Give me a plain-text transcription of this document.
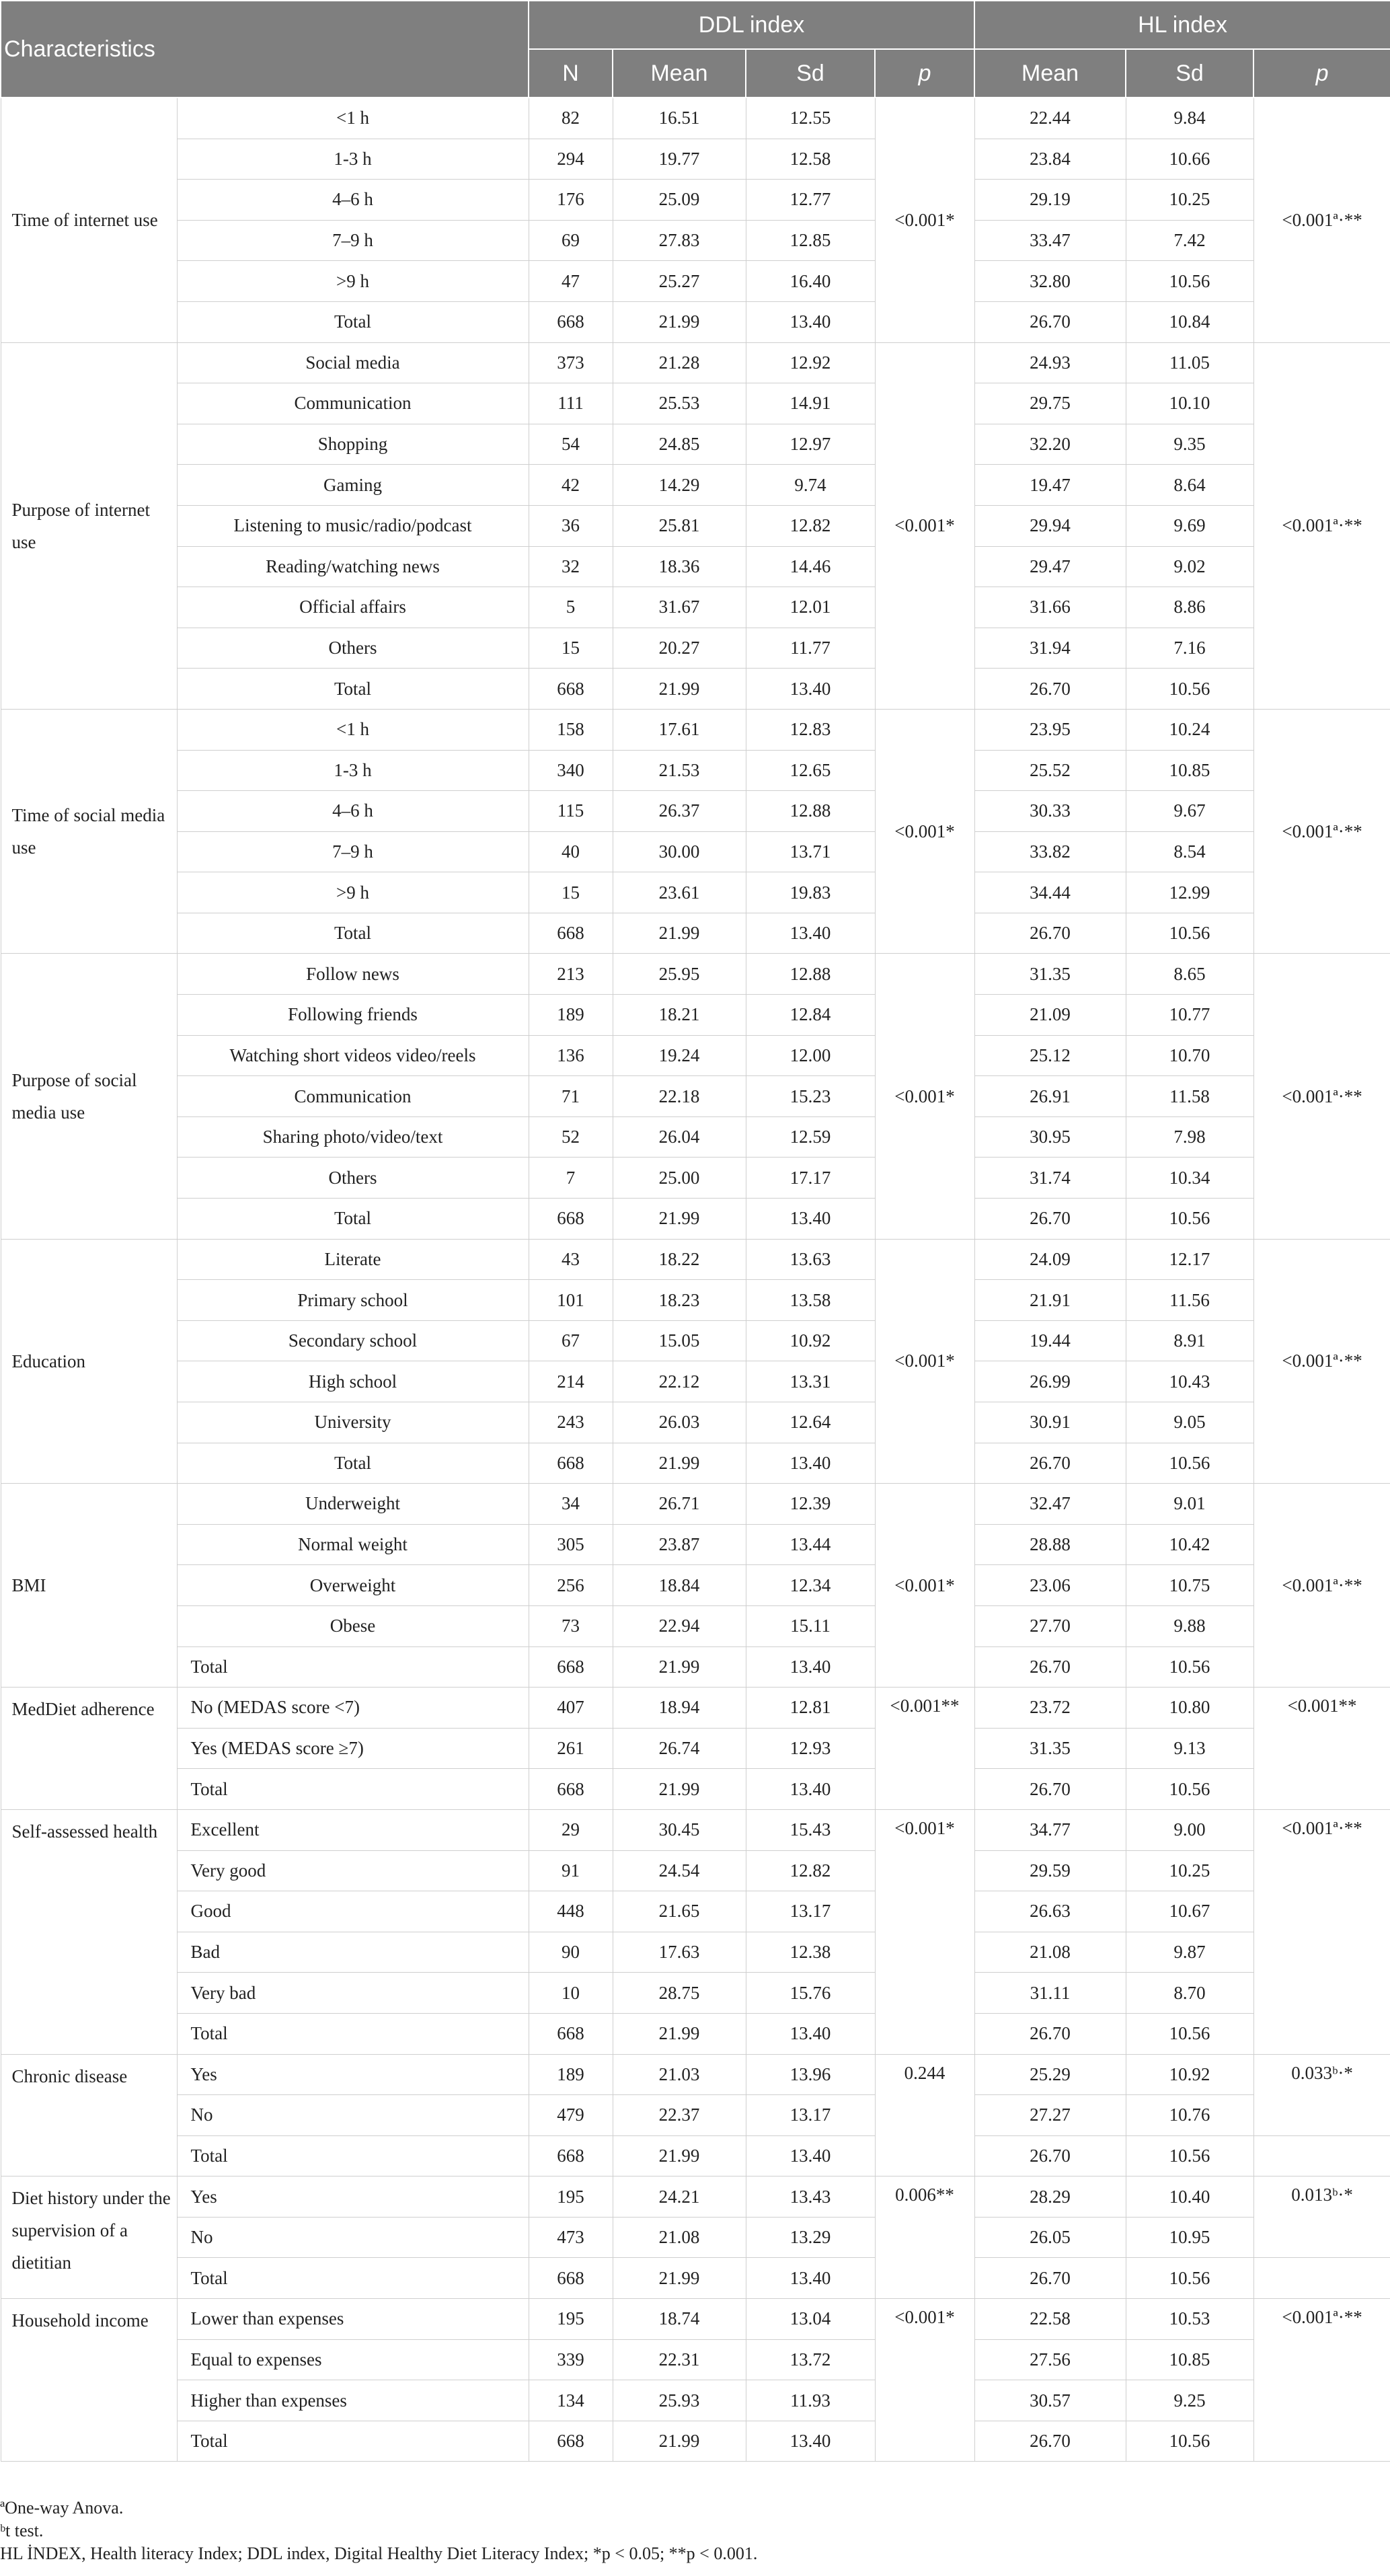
Characteristics		DDL index				HL index		
		N	Mean	Sd	p	Mean	Sd	p
Time of internet use	<1 h	82	16.51	12.55	<0.001*	22.44	9.84	<0.001ª·**
	1-3 h	294	19.77	12.58		23.84	10.66	
	4–6 h	176	25.09	12.77		29.19	10.25	
	7–9 h	69	27.83	12.85		33.47	7.42	
	>9 h	47	25.27	16.40		32.80	10.56	
	Total	668	21.99	13.40		26.70	10.84	
Purpose of internet use	Social media	373	21.28	12.92	<0.001*	24.93	11.05	<0.001ª·**
	Communication	111	25.53	14.91		29.75	10.10	
	Shopping	54	24.85	12.97		32.20	9.35	
	Gaming	42	14.29	9.74		19.47	8.64	
	Listening to music/radio/podcast	36	25.81	12.82		29.94	9.69	
	Reading/watching news	32	18.36	14.46		29.47	9.02	
	Official affairs	5	31.67	12.01		31.66	8.86	
	Others	15	20.27	11.77		31.94	7.16	
	Total	668	21.99	13.40		26.70	10.56	
Time of social media use	<1 h	158	17.61	12.83	<0.001*	23.95	10.24	<0.001ª·**
	1-3 h	340	21.53	12.65		25.52	10.85	
	4–6 h	115	26.37	12.88		30.33	9.67	
	7–9 h	40	30.00	13.71		33.82	8.54	
	>9 h	15	23.61	19.83		34.44	12.99	
	Total	668	21.99	13.40		26.70	10.56	
Purpose of social media use	Follow news	213	25.95	12.88	<0.001*	31.35	8.65	<0.001ª·**
	Following friends	189	18.21	12.84		21.09	10.77	
	Watching short videos video/reels	136	19.24	12.00		25.12	10.70	
	Communication	71	22.18	15.23		26.91	11.58	
	Sharing photo/video/text	52	26.04	12.59		30.95	7.98	
	Others	7	25.00	17.17		31.74	10.34	
	Total	668	21.99	13.40		26.70	10.56	
Education	Literate	43	18.22	13.63	<0.001*	24.09	12.17	<0.001ª·**
	Primary school	101	18.23	13.58		21.91	11.56	
	Secondary school	67	15.05	10.92		19.44	8.91	
	High school	214	22.12	13.31		26.99	10.43	
	University	243	26.03	12.64		30.91	9.05	
	Total	668	21.99	13.40		26.70	10.56	
BMI	Underweight	34	26.71	12.39	<0.001*	32.47	9.01	<0.001ª·**
	Normal weight	305	23.87	13.44		28.88	10.42	
	Overweight	256	18.84	12.34		23.06	10.75	
	Obese	73	22.94	15.11		27.70	9.88	
	Total	668	21.99	13.40		26.70	10.56	
MedDiet adherence	No (MEDAS score <7)	407	18.94	12.81	<0.001**	23.72	10.80	<0.001**
	Yes (MEDAS score ≥7)	261	26.74	12.93		31.35	9.13	
	Total	668	21.99	13.40		26.70	10.56	
Self-assessed health	Excellent	29	30.45	15.43	<0.001*	34.77	9.00	<0.001ª·**
	Very good	91	24.54	12.82		29.59	10.25	
	Good	448	21.65	13.17		26.63	10.67	
	Bad	90	17.63	12.38		21.08	9.87	
	Very bad	10	28.75	15.76		31.11	8.70	
	Total	668	21.99	13.40		26.70	10.56	
Chronic disease	Yes	189	21.03	13.96	0.244	25.29	10.92	0.033ᵇ·*
	No	479	22.37	13.17		27.27	10.76	
	Total	668	21.99	13.40		26.70	10.56	
Diet history under the supervision of a dietitian	Yes	195	24.21	13.43	0.006**	28.29	10.40	0.013ᵇ·*
	No	473	21.08	13.29		26.05	10.95	
	Total	668	21.99	13.40		26.70	10.56	
Household income	Lower than expenses	195	18.74	13.04	<0.001*	22.58	10.53	<0.001ª·**
	Equal to expenses	339	22.31	13.72		27.56	10.85	
	Higher than expenses	134	25.93	11.93		30.57	9.25	
	Total	668	21.99	13.40		26.70	10.56	
ªOne-way Anova.
ᵇt test.
HL İNDEX, Health literacy Index; DDL index, Digital Healthy Diet Literacy Index; *p < 0.05; **p < 0.001.
